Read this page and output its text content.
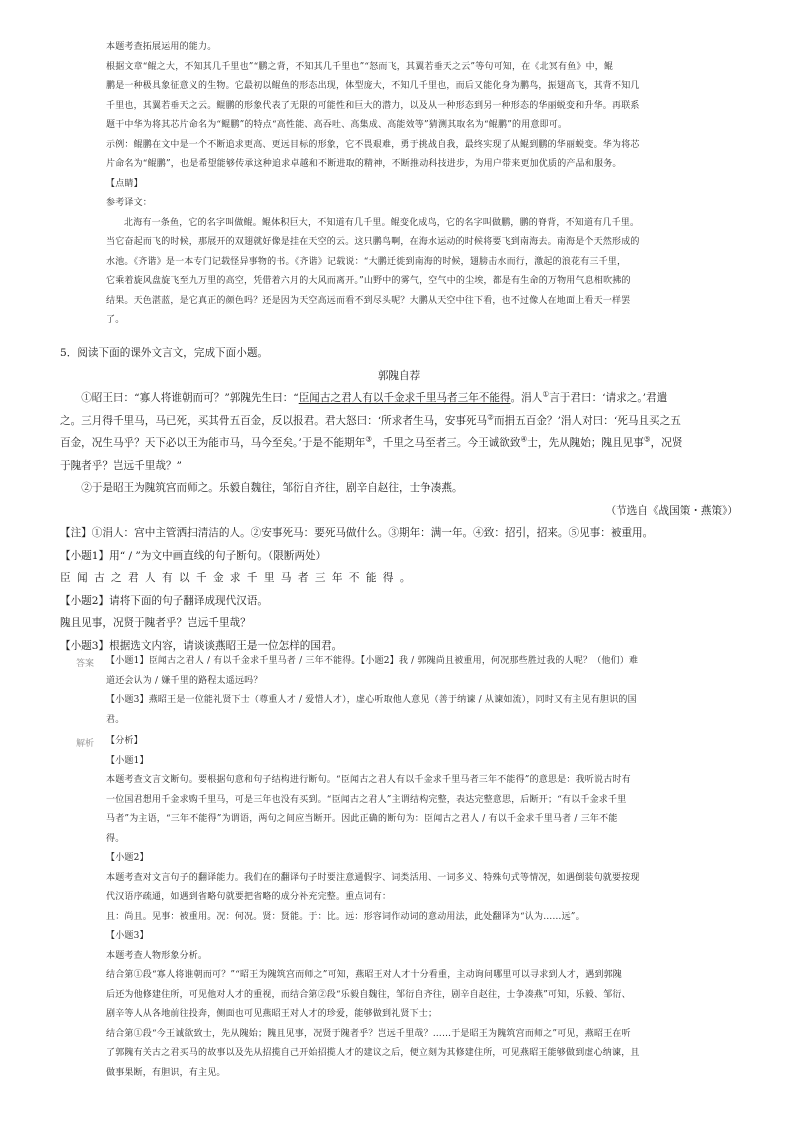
本题考查拓展运用的能力。

根据文章“鲲之大，不知其几千里也”“鹏之背，不知其几千里也”“怒而飞，其翼若垂天之云”等句可知，在《北冥有鱼》中，鲲

鹏是一种极具象征意义的生物。它最初以鲲鱼的形态出现，体型庞大，不知几千里也，而后又能化身为鹏鸟，振翅高飞，其背不知几

千里也，其翼若垂天之云。鲲鹏的形象代表了无限的可能性和巨大的潜力，以及从一种形态到另一种形态的华丽蜕变和升华。再联系

题干中华为将其芯片命名为“鲲鹏”的特点“高性能、高吞吐、高集成、高能效等”猜测其取名为“鲲鹏”的用意即可。

示例：鲲鹏在文中是一个不断追求更高、更远目标的形象，它不畏艰难，勇于挑战自我，最终实现了从鲲到鹏的华丽蜕变。华为将芯

片命名为“鲲鹏”，也是希望能够传承这种追求卓越和不断进取的精神，不断推动科技进步，为用户带来更加优质的产品和服务。

【点睛】

参考译文：

北海有一条鱼，它的名字叫做鲲。鲲体积巨大，不知道有几千里。鲲变化成鸟，它的名字叫做鹏，鹏的脊背，不知道有几千里。

当它奋起而飞的时候，那展开的双翅就好像是挂在天空的云。这只鹏鸟啊，在海水运动的时候将要飞到南海去。南海是个天然形成的

水池。《齐谐》是一本专门记载怪异事物的书。《齐谐》记载说：“大鹏迁徙到南海的时候，翅膀击水而行，激起的浪花有三千里，

它乘着旋风盘旋飞至九万里的高空，凭借着六月的大风而离开。”山野中的雾气，空气中的尘埃，都是有生命的万物用气息相吹拂的

结果。天色湛蓝，是它真正的颜色吗？还是因为天空高远而看不到尽头呢？大鹏从天空中往下看，也不过像人在地面上看天一样罢

了。

5．阅读下面的课外文言文，完成下面小题。

郭隗自荐

①昭王曰：“寡人将谁朝而可？”郭隗先生曰：“臣闻古之君人有以千金求千里马者三年不能得。涓人①言于君曰：‘请求之。’君遣

之。三月得千里马，马已死，买其骨五百金，反以报君。君大怒曰：‘所求者生马，安事死马②而捐五百金？’涓人对曰：‘死马且买之五

百金，况生马乎？天下必以王为能市马，马今至矣。’于是不能期年③，千里之马至者三。今王诚欲致④士，先从隗始；隗且见事⑤，况贤

于隗者乎？岂远千里哉？”

②于是昭王为隗筑宫而师之。乐毅自魏往，邹衍自齐往，剧辛自赵往，士争凑燕。

（节选自《战国策・燕策》）

【注】①涓人：宫中主管洒扫清洁的人。②安事死马：要死马做什么。③期年：满一年。④致：招引，招来。⑤见事：被重用。

【小题1】用“ / ”为文中画直线的句子断句。（限断两处）

臣闻古之君人有以千金求千里马者三年不能得。

【小题2】请将下面的句子翻译成现代汉语。

隗且见事，况贤于隗者乎？岂远千里哉？

【小题3】根据选文内容，请谈谈燕昭王是一位怎样的国君。

答案 【小题1】臣闻古之君人 / 有以千金求千里马者 / 三年不能得。【小题2】我 / 郭隗尚且被重用，何况那些胜过我的人呢？（他们）难

道还会认为 / 嫌千里的路程太遥远吗？

【小题3】燕昭王是一位能礼贤下士（尊重人才 / 爱惜人才），虚心听取他人意见（善于纳谏 / 从谏如流），同时又有主见有胆识的国

君。

解析 【分析】

【小题1】

本题考查文言文断句。要根据句意和句子结构进行断句。“臣闻古之君人有以千金求千里马者三年不能得”的意思是：我听说古时有

一位国君想用千金求购千里马，可是三年也没有买到。“臣闻古之君人”主谓结构完整，表达完整意思，后断开；“有以千金求千里

马者”为主语，“三年不能得”为谓语，两句之间应当断开。因此正确的断句为：臣闻古之君人 / 有以千金求千里马者 / 三年不能

得。

【小题2】

本题考查对文言句子的翻译能力。我们在的翻译句子时要注意通假字、词类活用、一词多义、特殊句式等情况，如遇倒装句就要按现

代汉语序疏通，如遇到省略句就要把省略的成分补充完整。重点词有：

且：尚且。见事：被重用。况：何况。贤：贤能。于：比。远：形容词作动词的意动用法，此处翻译为“认为……远”。

【小题3】

本题考查人物形象分析。

结合第①段“寡人将谁朝而可？”“昭王为隗筑宫而师之”可知，燕昭王对人才十分看重，主动询问哪里可以寻求到人才，遇到郭隗

后还为他修建住所，可见他对人才的重视，而结合第②段“乐毅自魏往，邹衍自齐往，剧辛自赵往，士争凑燕”可知，乐毅、邹衍、

剧辛等人从各地前往投奔，侧面也可见燕昭王对人才的珍爱，能够做到礼贤下士；

结合第①段“今王诚欲致士，先从隗始；隗且见事，况贤于隗者乎？岂远千里哉？……于是昭王为隗筑宫而师之”可见，燕昭王在听

了郭隗有关古之君买马的故事以及先从招揽自己开始招揽人才的建议之后，便立刻为其修建住所，可见燕昭王能够做到虚心纳谏，且

做事果断，有胆识，有主见。
